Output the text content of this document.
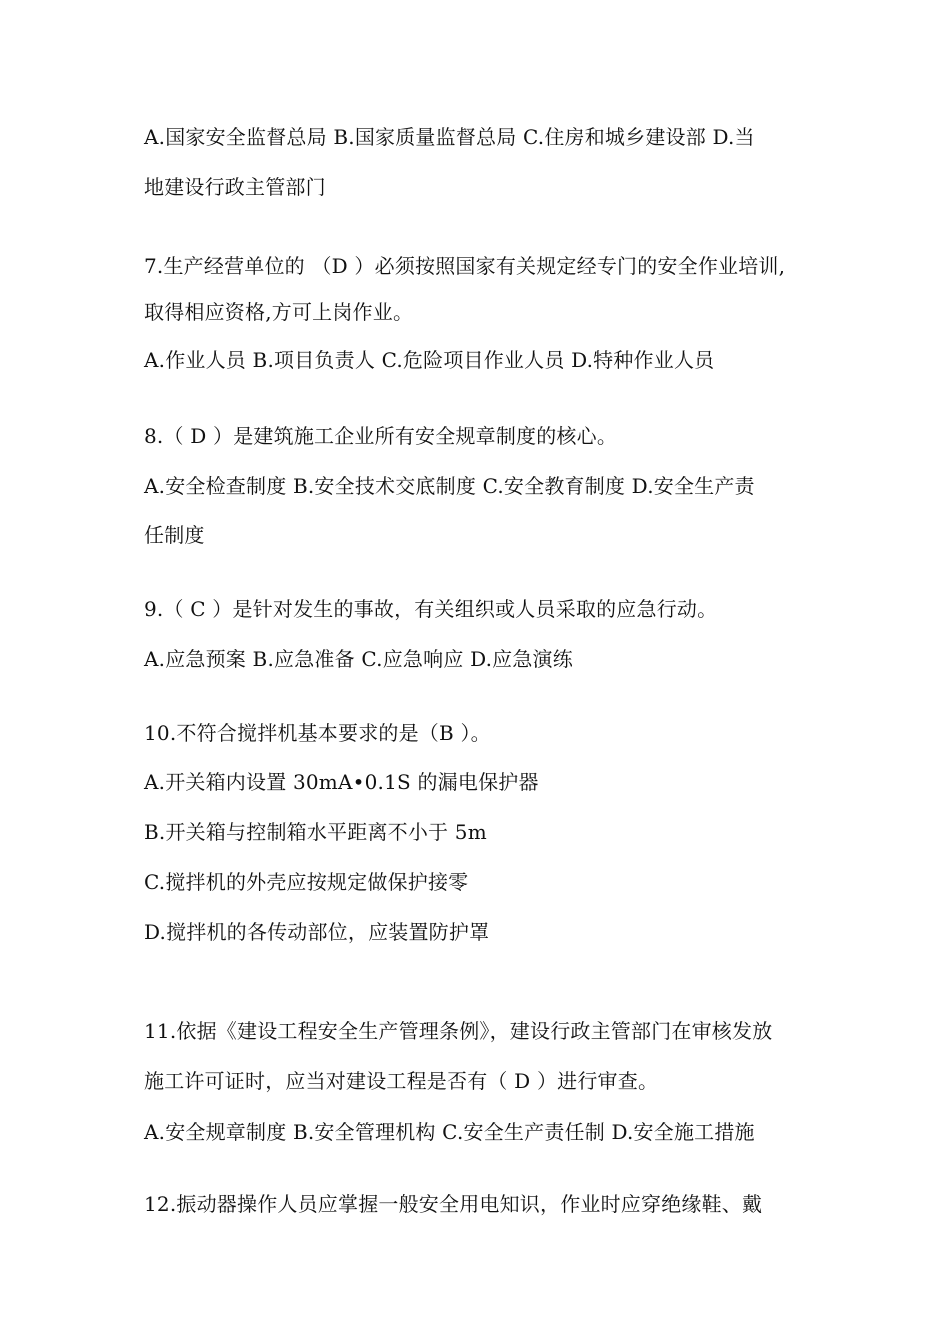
A.国家安全监督总局 B.国家质量监督总局 C.住房和城乡建设部 D.当
地建设行政主管部门
7.生产经营单位的 （D ）必须按照国家有关规定经专门的安全作业培训,
取得相应资格,方可上岗作业。
A.作业人员 B.项目负责人 C.危险项目作业人员 D.特种作业人员
8.（ D ）是建筑施工企业所有安全规章制度的核心。
A.安全检查制度 B.安全技术交底制度 C.安全教育制度 D.安全生产责
任制度
9.（ C ）是针对发生的事故，有关组织或人员采取的应急行动。
A.应急预案 B.应急准备 C.应急响应 D.应急演练
10.不符合搅拌机基本要求的是（B ）。
A.开关箱内设置 30mA•0.1S 的漏电保护器
B.开关箱与控制箱水平距离不小于 5m
C.搅拌机的外壳应按规定做保护接零
D.搅拌机的各传动部位，应装置防护罩
11.依据《建设工程安全生产管理条例》，建设行政主管部门在审核发放
施工许可证时，应当对建设工程是否有（ D ）进行审查。
A.安全规章制度 B.安全管理机构 C.安全生产责任制 D.安全施工措施
12.振动器操作人员应掌握一般安全用电知识，作业时应穿绝缘鞋、戴
